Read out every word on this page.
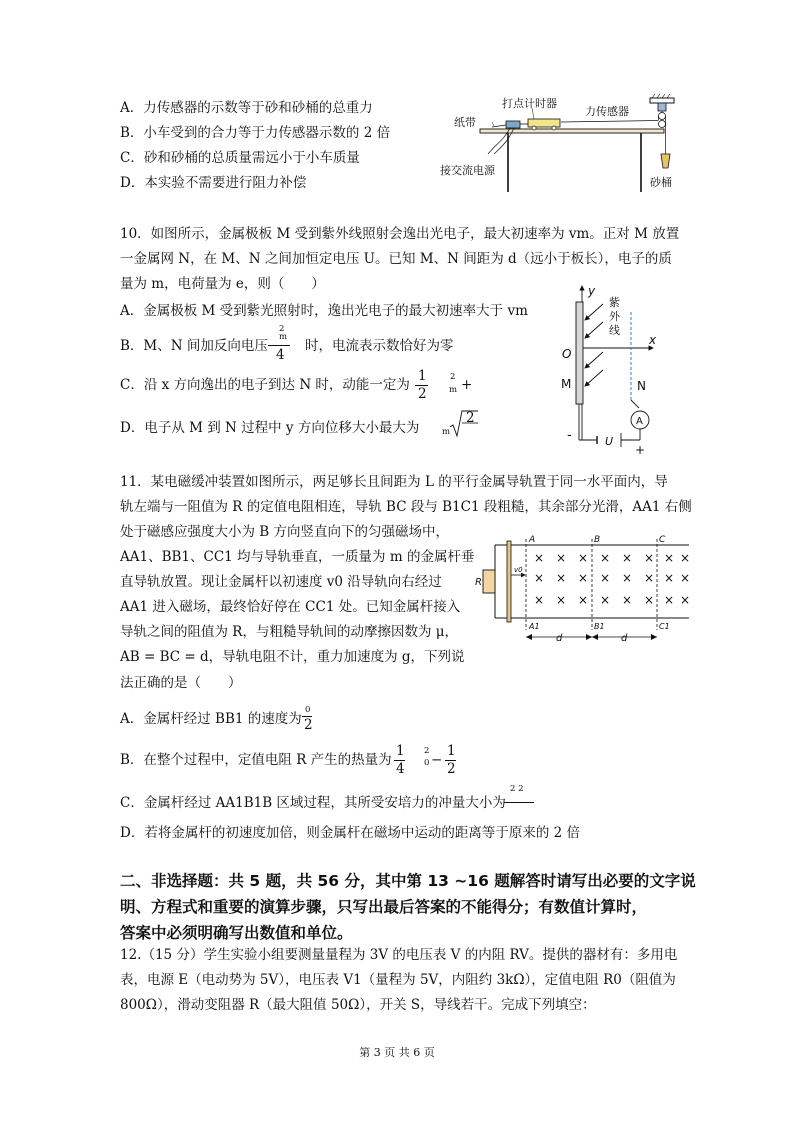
A．力传感器的示数等于砂和砂桶的总重力
B．小车受到的合力等于力传感器示数的 2 倍
C．砂和砂桶的总质量需远小于小车质量
D．本实验不需要进行阻力补偿
打点计时器
力传感器
纸带
接交流电源
砂桶
10．如图所示，金属极板 M 受到紫外线照射会逸出光电子，最大初速率为 vm。正对 M 放置
一金属网 N，在 M、N 之间加恒定电压 U。已知 M、N 间距为 d（远小于板长），电子的质
量为 m，电荷量为 e，则（　　）
A．金属极板 M 受到紫光照射时，逸出光电子的最大初速率大于 vm
B．M、N 间加反向电压
2
m
4
时，电流表示数恰好为零
C．沿 x 方向逸出的电子到达 N 时，动能一定为
1
2
2
m +
D．电子从 M 到 N 过程中 y 方向位移大小最大为	m
2
y
x
O
M	N
紫
外
线
A
-	U
+
11．某电磁缓冲装置如图所示，两足够长且间距为 L 的平行金属导轨置于同一水平面内，导
轨左端与一阻值为 R 的定值电阻相连，导轨 BC 段与 B1C1 段粗糙，其余部分光滑，AA1 右侧
处于磁感应强度大小为 B 方向竖直向下的匀强磁场中，
AA1、BB1、CC1 均与导轨垂直，一质量为 m 的金属杆垂
直导轨放置。现让金属杆以初速度 v0 沿导轨向右经过
AA1 进入磁场，最终恰好停在 CC1 处。已知金属杆接入
导轨之间的阻值为 R，与粗糙导轨间的动摩擦因数为 μ，
AB = BC = d，导轨电阻不计，重力加速度为 g，下列说
法正确的是（　　）
A	B	C
A1	B1	C1
R
v0
d	d
× × × × × × × ×
× × × × × × × ×
× × × × × × × ×
A．金属杆经过 BB1 的速度为
0
2
B．在整个过程中，定值电阻 R 产生的热量为
1
4
2
0 −
1
2
C．金属杆经过 AA1B1B 区域过程，其所受安培力的冲量大小为
2 2
D．若将金属杆的初速度加倍，则金属杆在磁场中运动的距离等于原来的 2 倍
二、非选择题：共 5 题，共 56 分，其中第 13 ~16 题解答时请写出必要的文字说
明、方程式和重要的演算步骤，只写出最后答案的不能得分；有数值计算时，
答案中必须明确写出数值和单位。
12.（15 分）学生实验小组要测量量程为 3V 的电压表 V 的内阻 RV。提供的器材有：多用电
表，电源 E（电动势为 5V），电压表 V1（量程为 5V，内阻约 3kΩ），定值电阻 R0（阻值为
800Ω），滑动变阻器 R（最大阻值 50Ω），开关 S，导线若干。完成下列填空：
第 3 页 共 6 页
